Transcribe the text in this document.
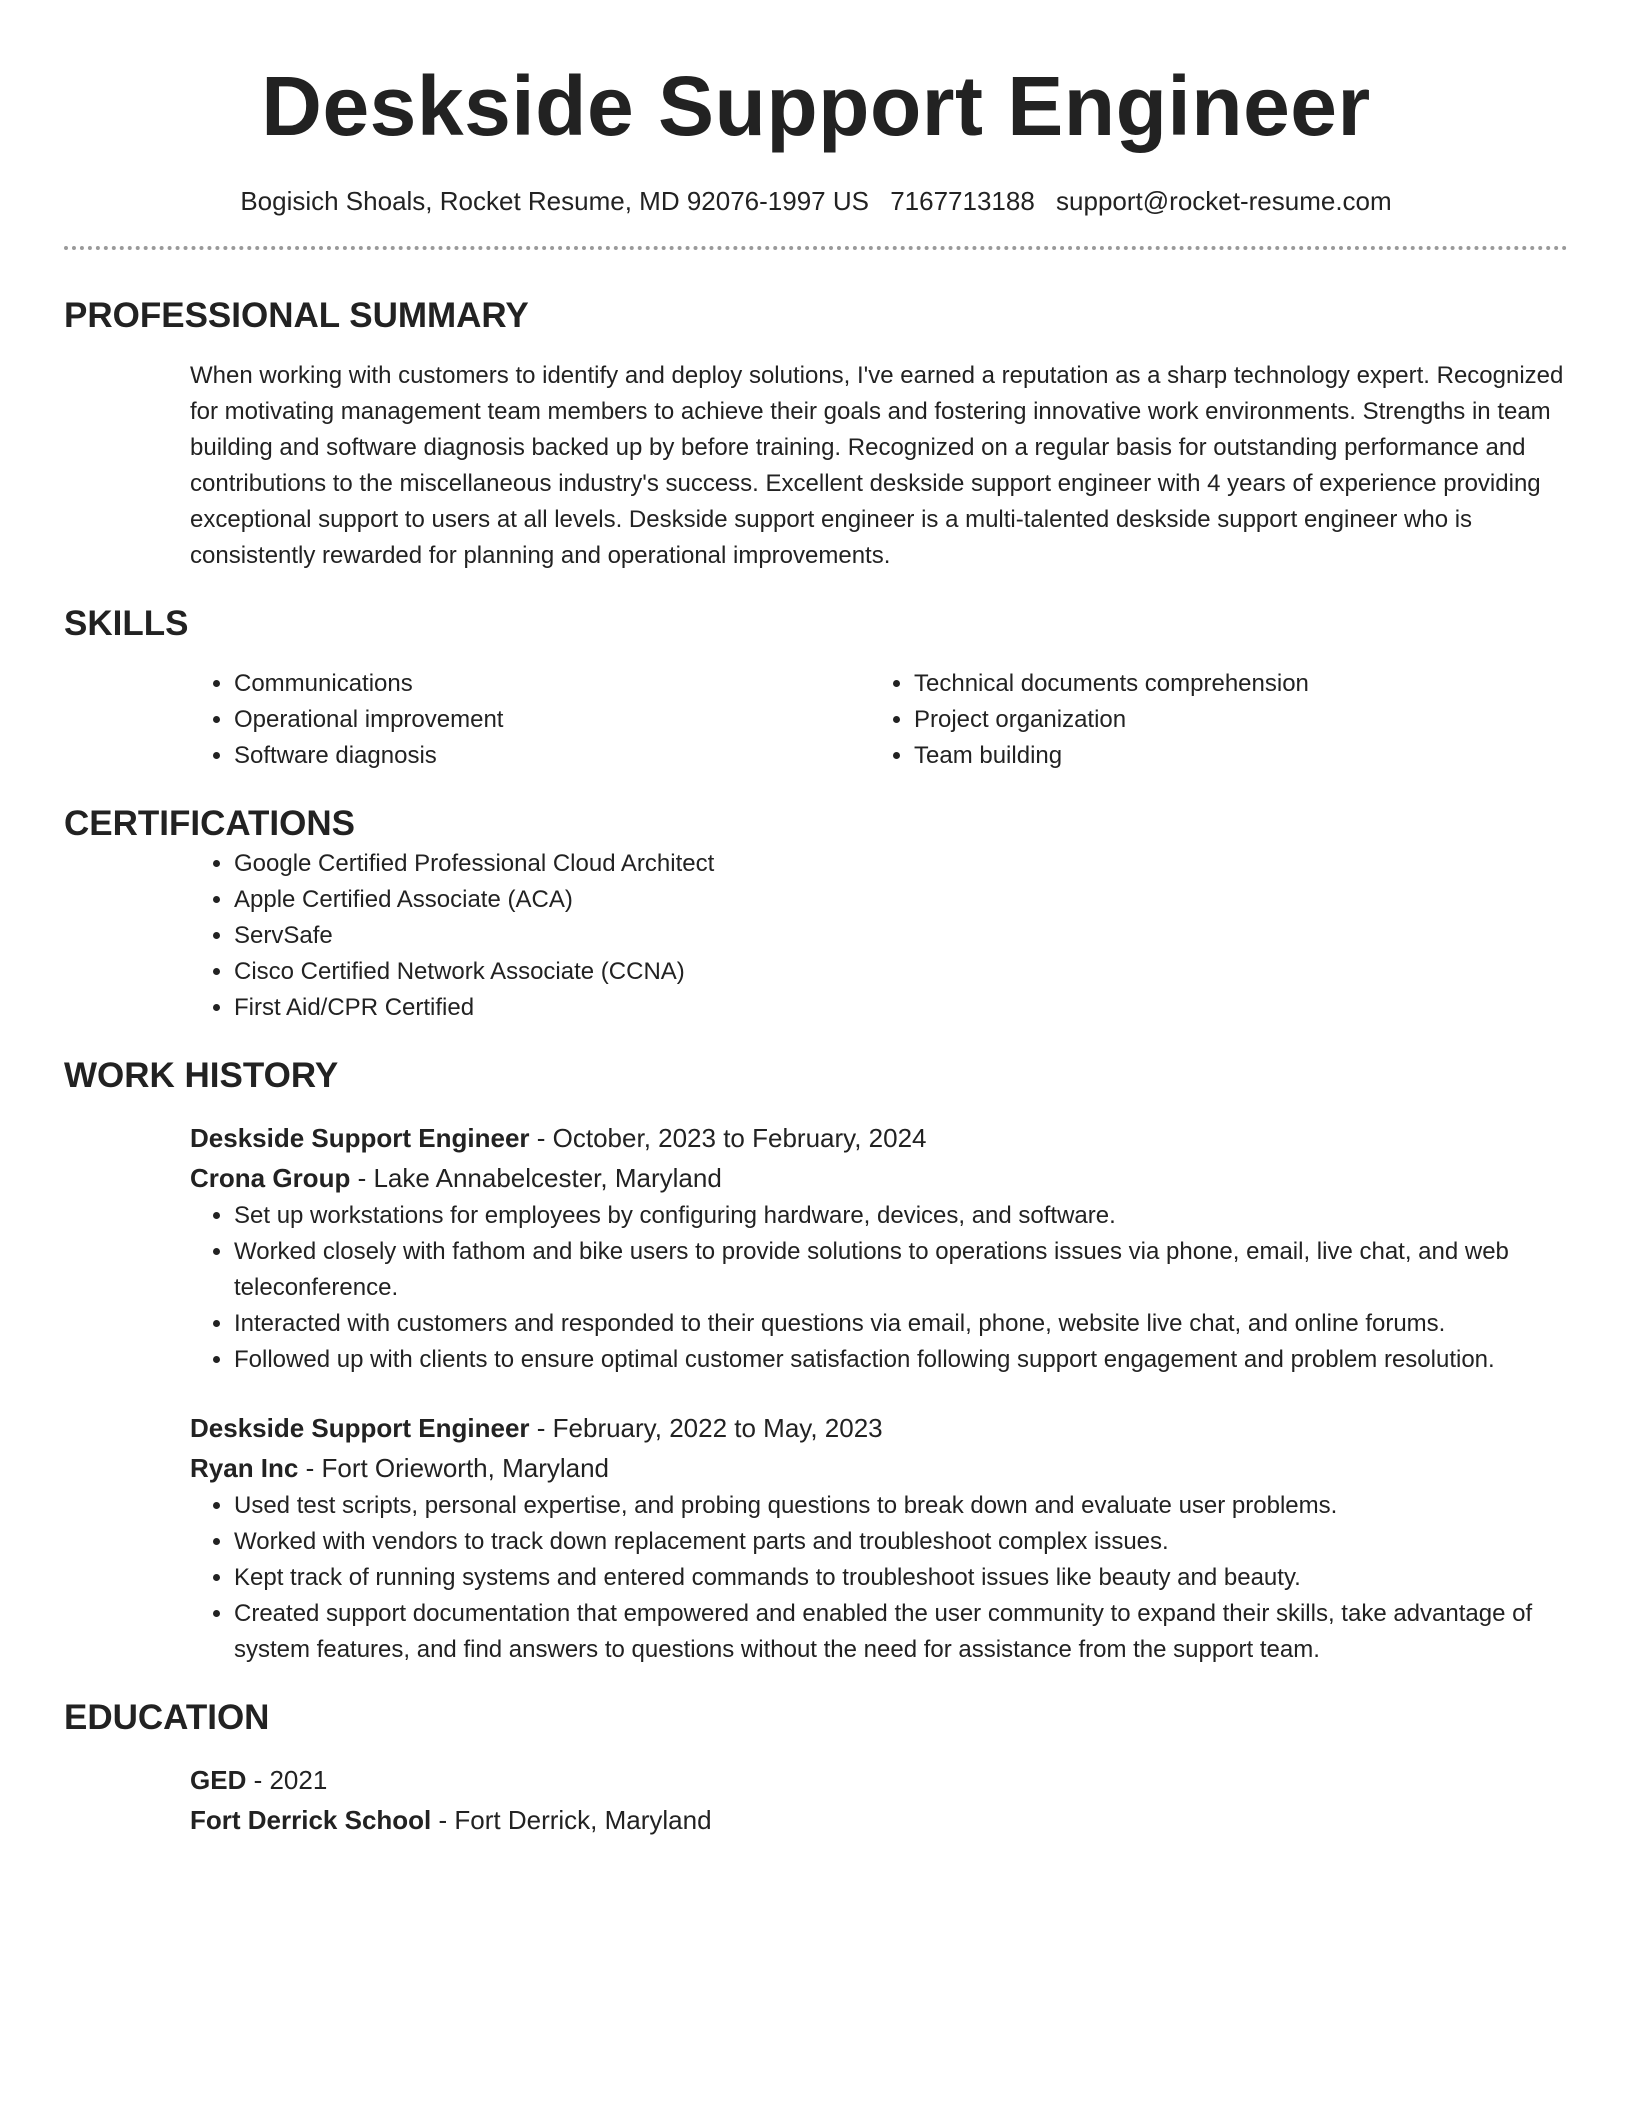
Deskside Support Engineer
Bogisich Shoals, Rocket Resume, MD 92076-1997 US 7167713188 support@rocket-resume.com
PROFESSIONAL SUMMARY

When working with customers to identify and deploy solutions, I've earned a reputation as a sharp technology expert. Recognized for motivating management team members to achieve their goals and fostering innovative work environments. Strengths in team building and software diagnosis backed up by before training. Recognized on a regular basis for outstanding performance and contributions to the miscellaneous industry's success. Excellent deskside support engineer with 4 years of experience providing exceptional support to users at all levels. Deskside support engineer is a multi-talented deskside support engineer who is consistently rewarded for planning and operational improvements.

SKILLS
• Communications
• Operational improvement
• Software diagnosis
• Technical documents comprehension
• Project organization
• Team building
CERTIFICATIONS
• Google Certified Professional Cloud Architect
• Apple Certified Associate (ACA)
• ServSafe
• Cisco Certified Network Associate (CCNA)
• First Aid/CPR Certified
WORK HISTORY
Deskside Support Engineer - October, 2023 to February, 2024
Crona Group - Lake Annabelcester, Maryland
• Set up workstations for employees by configuring hardware, devices, and software.
• Worked closely with fathom and bike users to provide solutions to operations issues via phone, email, live chat, and web teleconference.
• Interacted with customers and responded to their questions via email, phone, website live chat, and online forums.
• Followed up with clients to ensure optimal customer satisfaction following support engagement and problem resolution.
Deskside Support Engineer - February, 2022 to May, 2023
Ryan Inc - Fort Orieworth, Maryland
• Used test scripts, personal expertise, and probing questions to break down and evaluate user problems.
• Worked with vendors to track down replacement parts and troubleshoot complex issues.
• Kept track of running systems and entered commands to troubleshoot issues like beauty and beauty.
• Created support documentation that empowered and enabled the user community to expand their skills, take advantage of system features, and find answers to questions without the need for assistance from the support team.
EDUCATION
GED - 2021
Fort Derrick School - Fort Derrick, Maryland
